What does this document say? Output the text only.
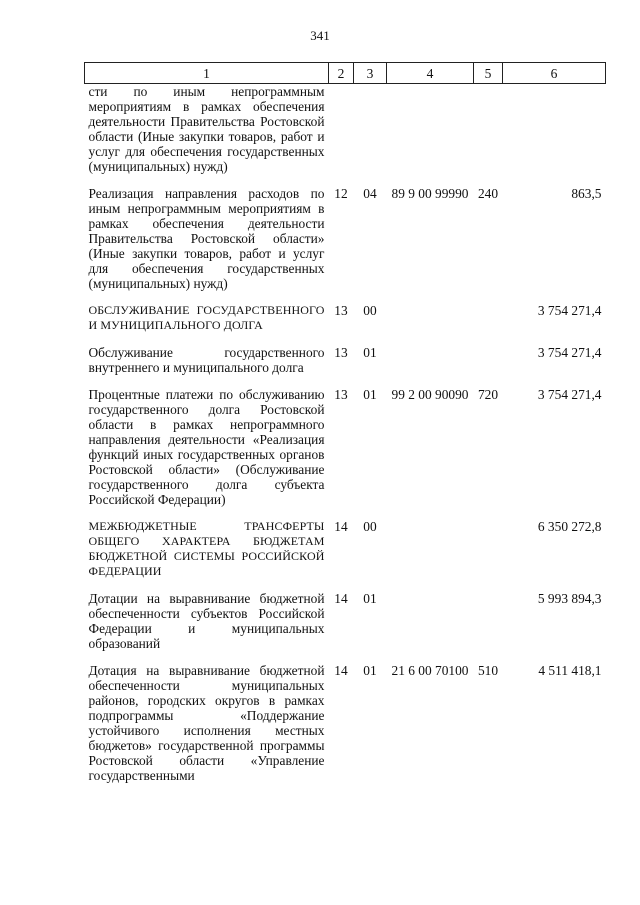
341
1	2	3	4	5	6
сти по иным непрограммным мероприятиям в рамках обеспечения деятельности Правительства Ростовской области (Иные закупки товаров, работ и услуг для обеспечения государственных (муниципальных) нужд)					
Реализация направления расходов по иным непрограммным мероприятиям в рамках обеспечения деятельности Правительства Ростовской области» (Иные закупки товаров, работ и услуг для обеспечения государственных (муниципальных) нужд)	12	04	89 9 00 99990	240	863,5
ОБСЛУЖИВАНИЕ ГОСУДАРСТВЕННОГО И МУНИЦИПАЛЬНОГО ДОЛГА	13	00			3 754 271,4
Обслуживание государственного внутреннего и муниципального долга	13	01			3 754 271,4
Процентные платежи по обслуживанию государственного долга Ростовской области в рамках непрограммного направления деятельности «Реализация функций иных государственных органов Ростовской области» (Обслуживание государственного долга субъекта Российской Федерации)	13	01	99 2 00 90090	720	3 754 271,4
МЕЖБЮДЖЕТНЫЕ ТРАНСФЕРТЫ ОБЩЕГО ХАРАКТЕРА БЮДЖЕТАМ БЮДЖЕТНОЙ СИСТЕМЫ РОССИЙСКОЙ ФЕДЕРАЦИИ	14	00			6 350 272,8
Дотации на выравнивание бюджетной обеспеченности субъектов Российской Федерации и муниципальных образований	14	01			5 993 894,3
Дотация на выравнивание бюджетной обеспеченности муниципальных районов, городских округов в рамках подпрограммы «Поддержание устойчивого исполнения местных бюджетов» государственной программы Ростовской области «Управление государственными	14	01	21 6 00 70100	510	4 511 418,1
